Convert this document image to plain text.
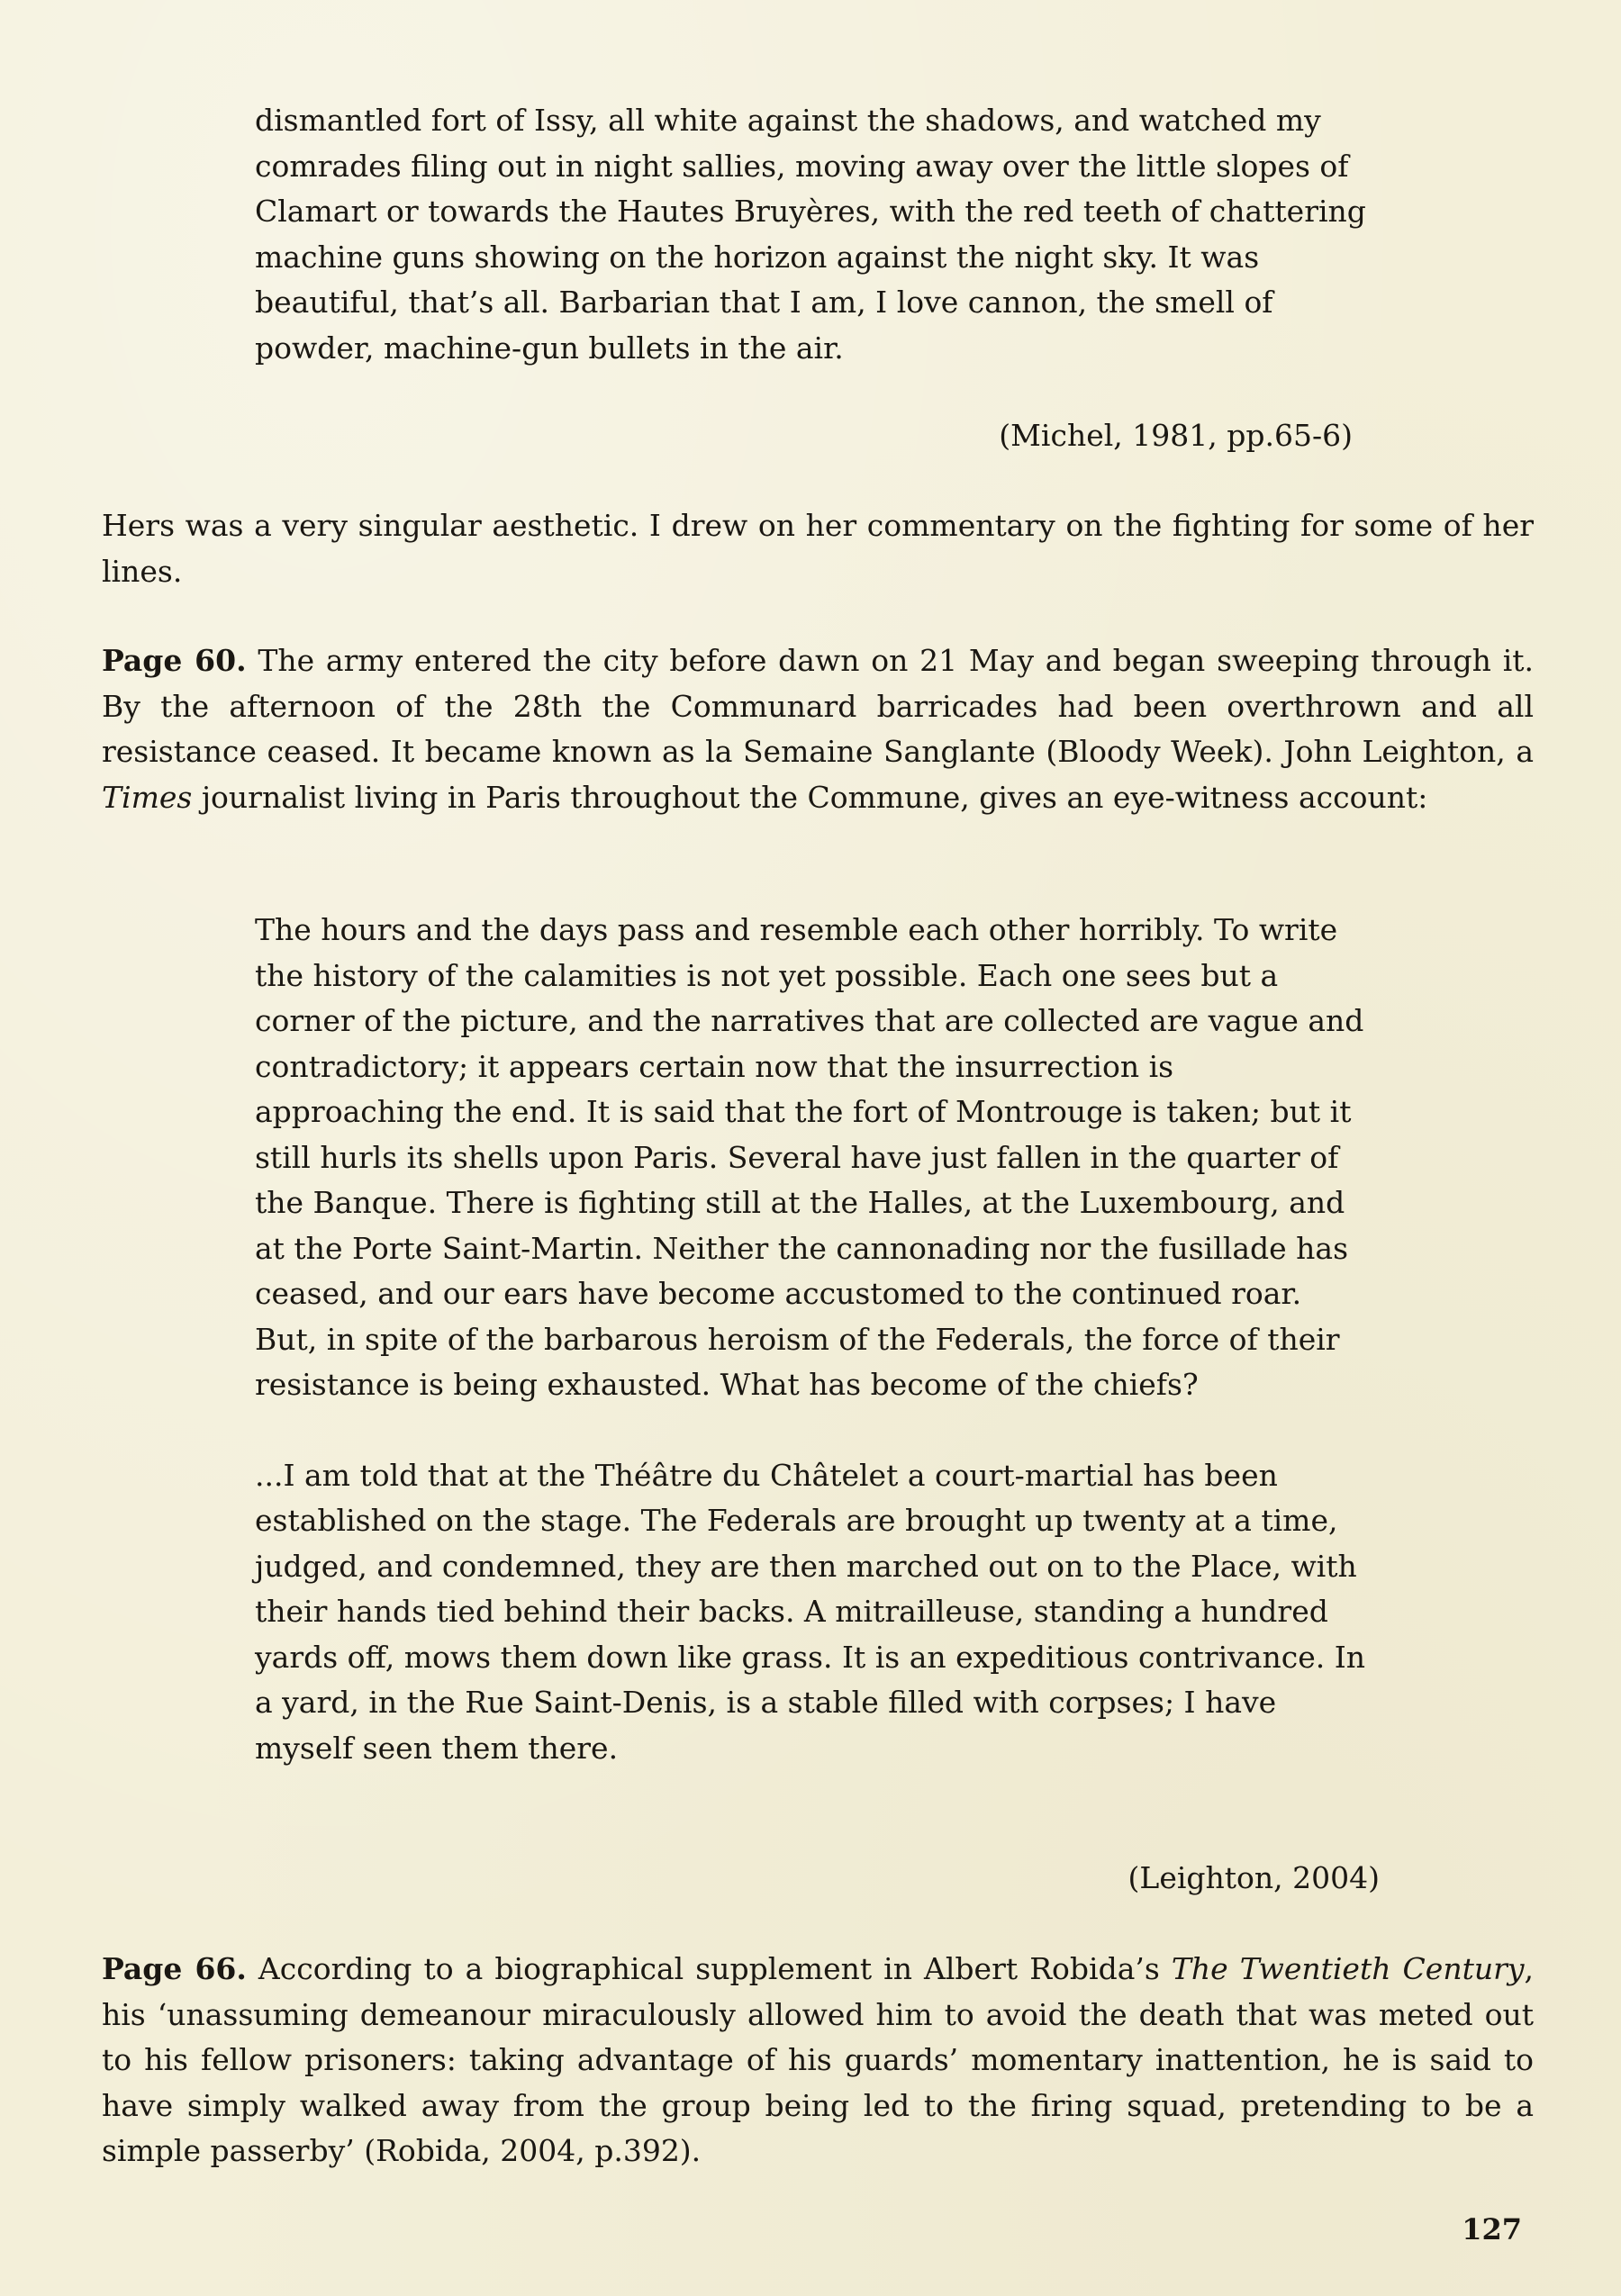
dismantled fort of Issy, all white against the shadows, and watched my comrades filing out in night sallies, moving away over the little slopes of Clamart or towards the Hautes Bruyères, with the red teeth of chattering machine guns showing on the horizon against the night sky. It was beautiful, that’s all. Barbarian that I am, I love cannon, the smell of powder, machine-gun bullets in the air.

(Michel, 1981, pp.65-6)

Hers was a very singular aesthetic. I drew on her commentary on the fighting for some of her lines.

Page 60. The army entered the city before dawn on 21 May and began sweeping through it. By the afternoon of the 28th the Communard barricades had been overthrown and all resistance ceased. It became known as la Semaine Sanglante (Bloody Week). John Leighton, a Times journalist living in Paris throughout the Commune, gives an eye-witness account:

The hours and the days pass and resemble each other horribly. To write the history of the calamities is not yet possible. Each one sees but a corner of the picture, and the narratives that are collected are vague and contradictory; it appears certain now that the insurrection is approaching the end. It is said that the fort of Montrouge is taken; but it still hurls its shells upon Paris. Several have just fallen in the quarter of the Banque. There is fighting still at the Halles, at the Luxembourg, and at the Porte Saint-Martin. Neither the cannonading nor the fusillade has ceased, and our ears have become accustomed to the continued roar. But, in spite of the barbarous heroism of the Federals, the force of their resistance is being exhausted. What has become of the chiefs?

...I am told that at the Théâtre du Châtelet a court-martial has been established on the stage. The Federals are brought up twenty at a time, judged, and condemned, they are then marched out on to the Place, with their hands tied behind their backs. A mitrailleuse, standing a hundred yards off, mows them down like grass. It is an expeditious contrivance. In a yard, in the Rue Saint-Denis, is a stable filled with corpses; I have myself seen them there.

(Leighton, 2004)

Page 66. According to a biographical supplement in Albert Robida’s The Twentieth Century, his ‘unassuming demeanour miraculously allowed him to avoid the death that was meted out to his fellow prisoners: taking advantage of his guards’ momentary inattention, he is said to have simply walked away from the group being led to the firing squad, pretending to be a simple passerby’ (Robida, 2004, p.392).

127
